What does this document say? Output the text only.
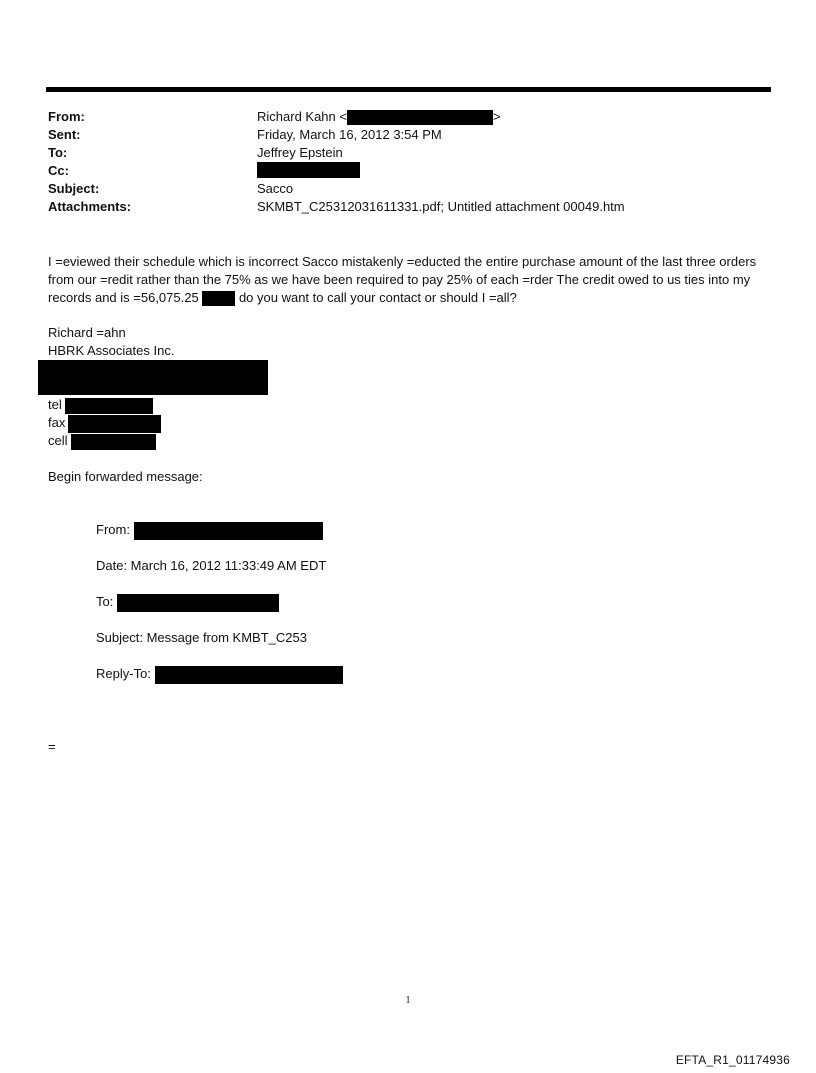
From:	Richard Kahn <	>
Sent:	Friday, March 16, 2012 3:54 PM
To:	Jeffrey Epstein
Cc:
Subject:	Sacco
Attachments:	SKMBT_C25312031611331.pdf; Untitled attachment 00049.htm
I =eviewed their schedule which is incorrect Sacco mistakenly =educted the entire purchase amount of the last three orders from our =redit rather than the 75% as we have been required to pay 25% of each =rder The credit owed to us ties into my records and is =56,075.25	do you want to call your contact or should I =all?
Richard =ahn
HBRK Associates Inc.
tel
fax
cell
Begin forwarded message:
From:
Date: March 16, 2012 11:33:49 AM EDT
To:
Subject: Message from KMBT_C253
Reply-To:
=
1
EFTA_R1_01174936
